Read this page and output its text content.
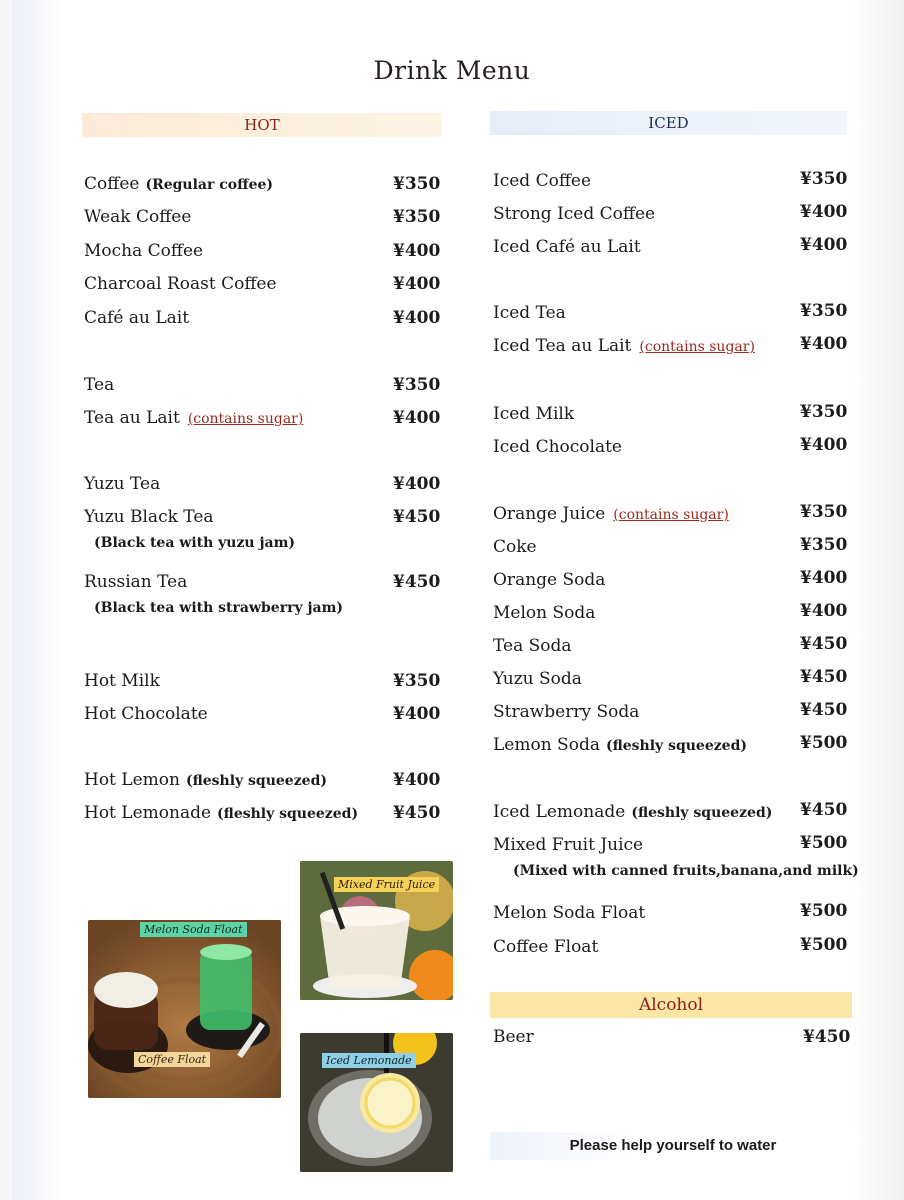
Drink Menu
HOT	ICED
Coffee (Regular coffee)	¥350
Weak Coffee	¥350
Mocha Coffee	¥400
Charcoal Roast Coffee	¥400
Café au Lait	¥400
Tea	¥350
Tea au Lait (contains sugar)	¥400
Yuzu Tea	¥400
Yuzu Black Tea	¥450
(Black tea with yuzu jam)
Russian Tea	¥450
(Black tea with strawberry jam)
Hot Milk	¥350
Hot Chocolate	¥400
Hot Lemon (fleshly squeezed)	¥400
Hot Lemonade (fleshly squeezed) ¥450
Iced Coffee	¥350
Strong Iced Coffee	¥400
Iced Café au Lait	¥400
Iced Tea	¥350
Iced Tea au Lait (contains sugar)	¥400
Iced Milk	¥350
Iced Chocolate	¥400
Orange Juice (contains sugar)	¥350
Coke	¥350
Orange Soda	¥400
Melon Soda	¥400
Tea Soda	¥450
Yuzu Soda	¥450
Strawberry Soda	¥450
Lemon Soda (fleshly squeezed)	¥500
Iced Lemonade (fleshly squeezed) ¥450
Mixed Fruit Juice	¥500
(Mixed with canned fruits,banana,and milk)
Melon Soda Float	¥500
Coffee Float	¥500
Alcohol
Beer	¥450
Melon Soda Float
Coffee Float
Mixed Fruit Juice
Iced Lemonade
Please help yourself to water
